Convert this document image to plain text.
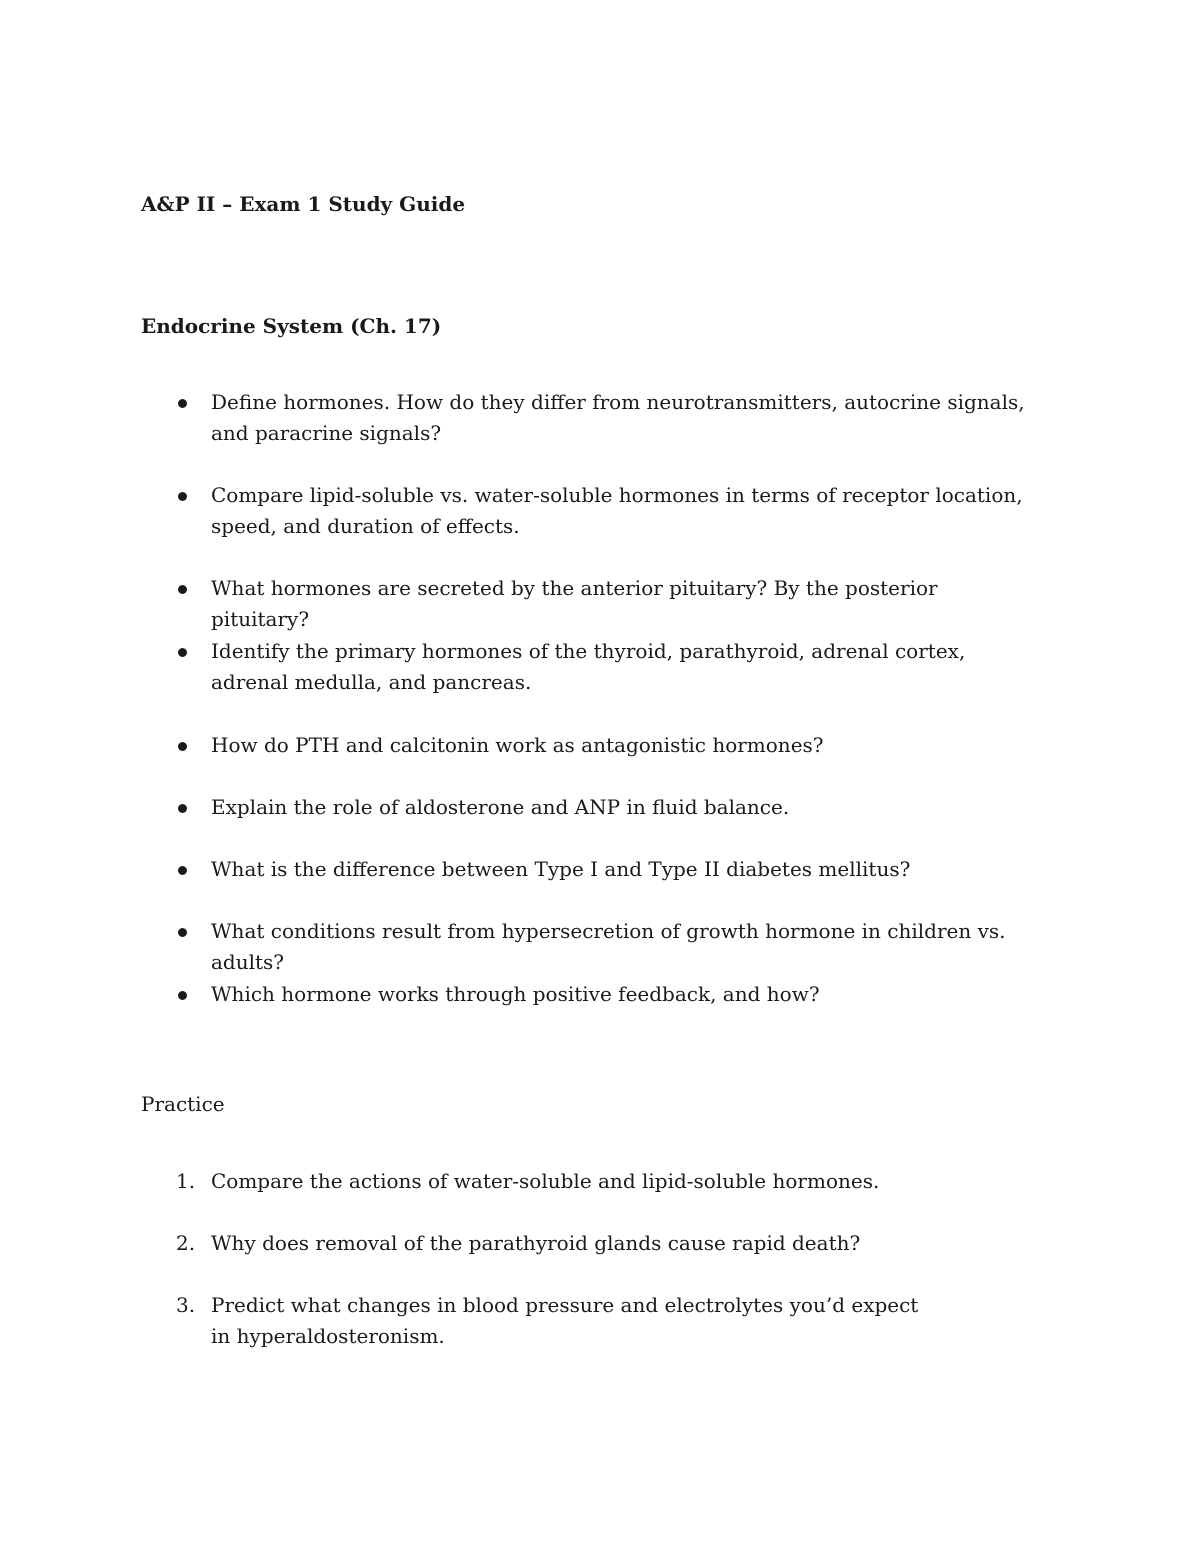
A&P II – Exam 1 Study Guide
Endocrine System (Ch. 17)
Define hormones. How do they differ from neurotransmitters, autocrine signals, and paracrine signals?
Compare lipid-soluble vs. water-soluble hormones in terms of receptor location, speed, and duration of effects.
What hormones are secreted by the anterior pituitary? By the posterior pituitary?
Identify the primary hormones of the thyroid, parathyroid, adrenal cortex, adrenal medulla, and pancreas.
How do PTH and calcitonin work as antagonistic hormones?
Explain the role of aldosterone and ANP in fluid balance.
What is the difference between Type I and Type II diabetes mellitus?
What conditions result from hypersecretion of growth hormone in children vs. adults?
Which hormone works through positive feedback, and how?
Practice
1. Compare the actions of water-soluble and lipid-soluble hormones.
2. Why does removal of the parathyroid glands cause rapid death?
3. Predict what changes in blood pressure and electrolytes you’d expect in hyperaldosteronism.
